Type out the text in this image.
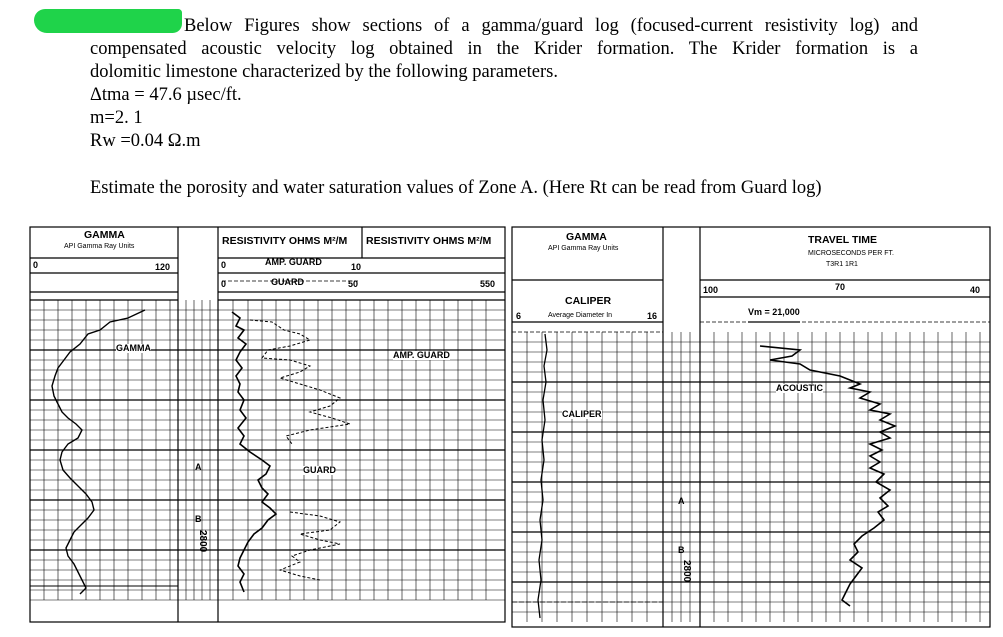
Below Figures show sections of a gamma/guard log (focused-current resistivity log) and
compensated acoustic velocity log obtained in the Krider formation. The Krider formation is a
dolomitic limestone characterized by the following parameters.
Δtma = 47.6 µsec/ft.
m=2. 1
Rw =0.04 Ω.m
Estimate the porosity and water saturation values of Zone A. (Here Rt can be read from Guard log)
GAMMA
API Gamma Ray Units
0	120
RESISTIVITY OHMS M²/M RESISTIVITY OHMS M²/M
0	AMP. GUARD	10
0	GUARD	50	550
GAMMA
AMP. GUARD
GUARD
A
B
2800
GAMMA
API Gamma Ray Units
CALIPER
Average Diameter In
6	16
TRAVEL TIME
MICROSECONDS PER FT.
T3R1 1R1
100	70	40
Vm = 21,000
CALIPER
ACOUSTIC
A
B
2800
